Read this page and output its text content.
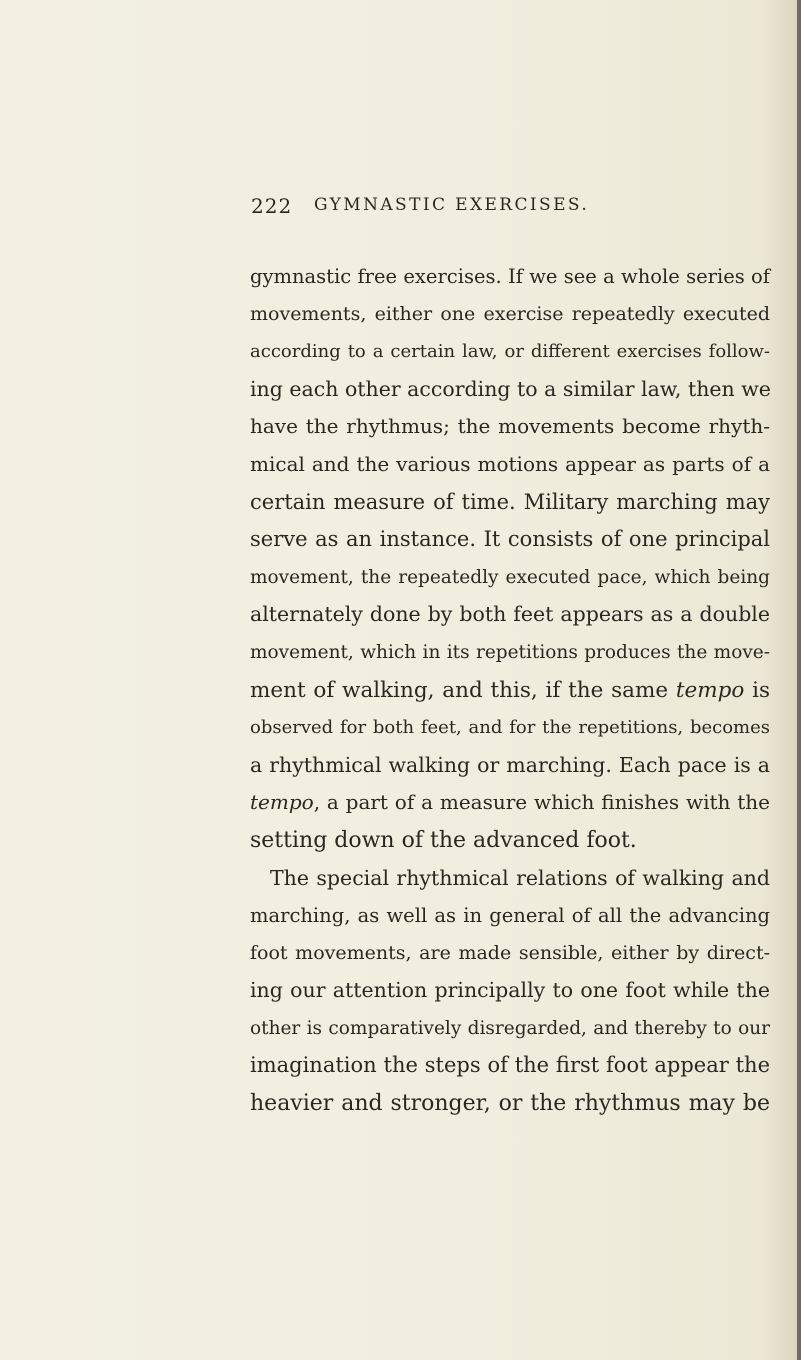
222 GYMNASTIC EXERCISES.
gymnastic free exercises. If we see a whole series of
movements, either one exercise repeatedly executed
according to a certain law, or different exercises follow-
ing each other according to a similar law, then we
have the rhythmus; the movements become rhyth-
mical and the various motions appear as parts of a
certain measure of time. Military marching may
serve as an instance. It consists of one principal
movement, the repeatedly executed pace, which being
alternately done by both feet appears as a double
movement, which in its repetitions produces the move-
ment of walking, and this, if the same tempo is
observed for both feet, and for the repetitions, becomes
a rhythmical walking or marching. Each pace is a
tempo, a part of a measure which finishes with the
setting down of the advanced foot.
The special rhythmical relations of walking and
marching, as well as in general of all the advancing
foot movements, are made sensible, either by direct-
ing our attention principally to one foot while the
other is comparatively disregarded, and thereby to our
imagination the steps of the first foot appear the
heavier and stronger, or the rhythmus may be
